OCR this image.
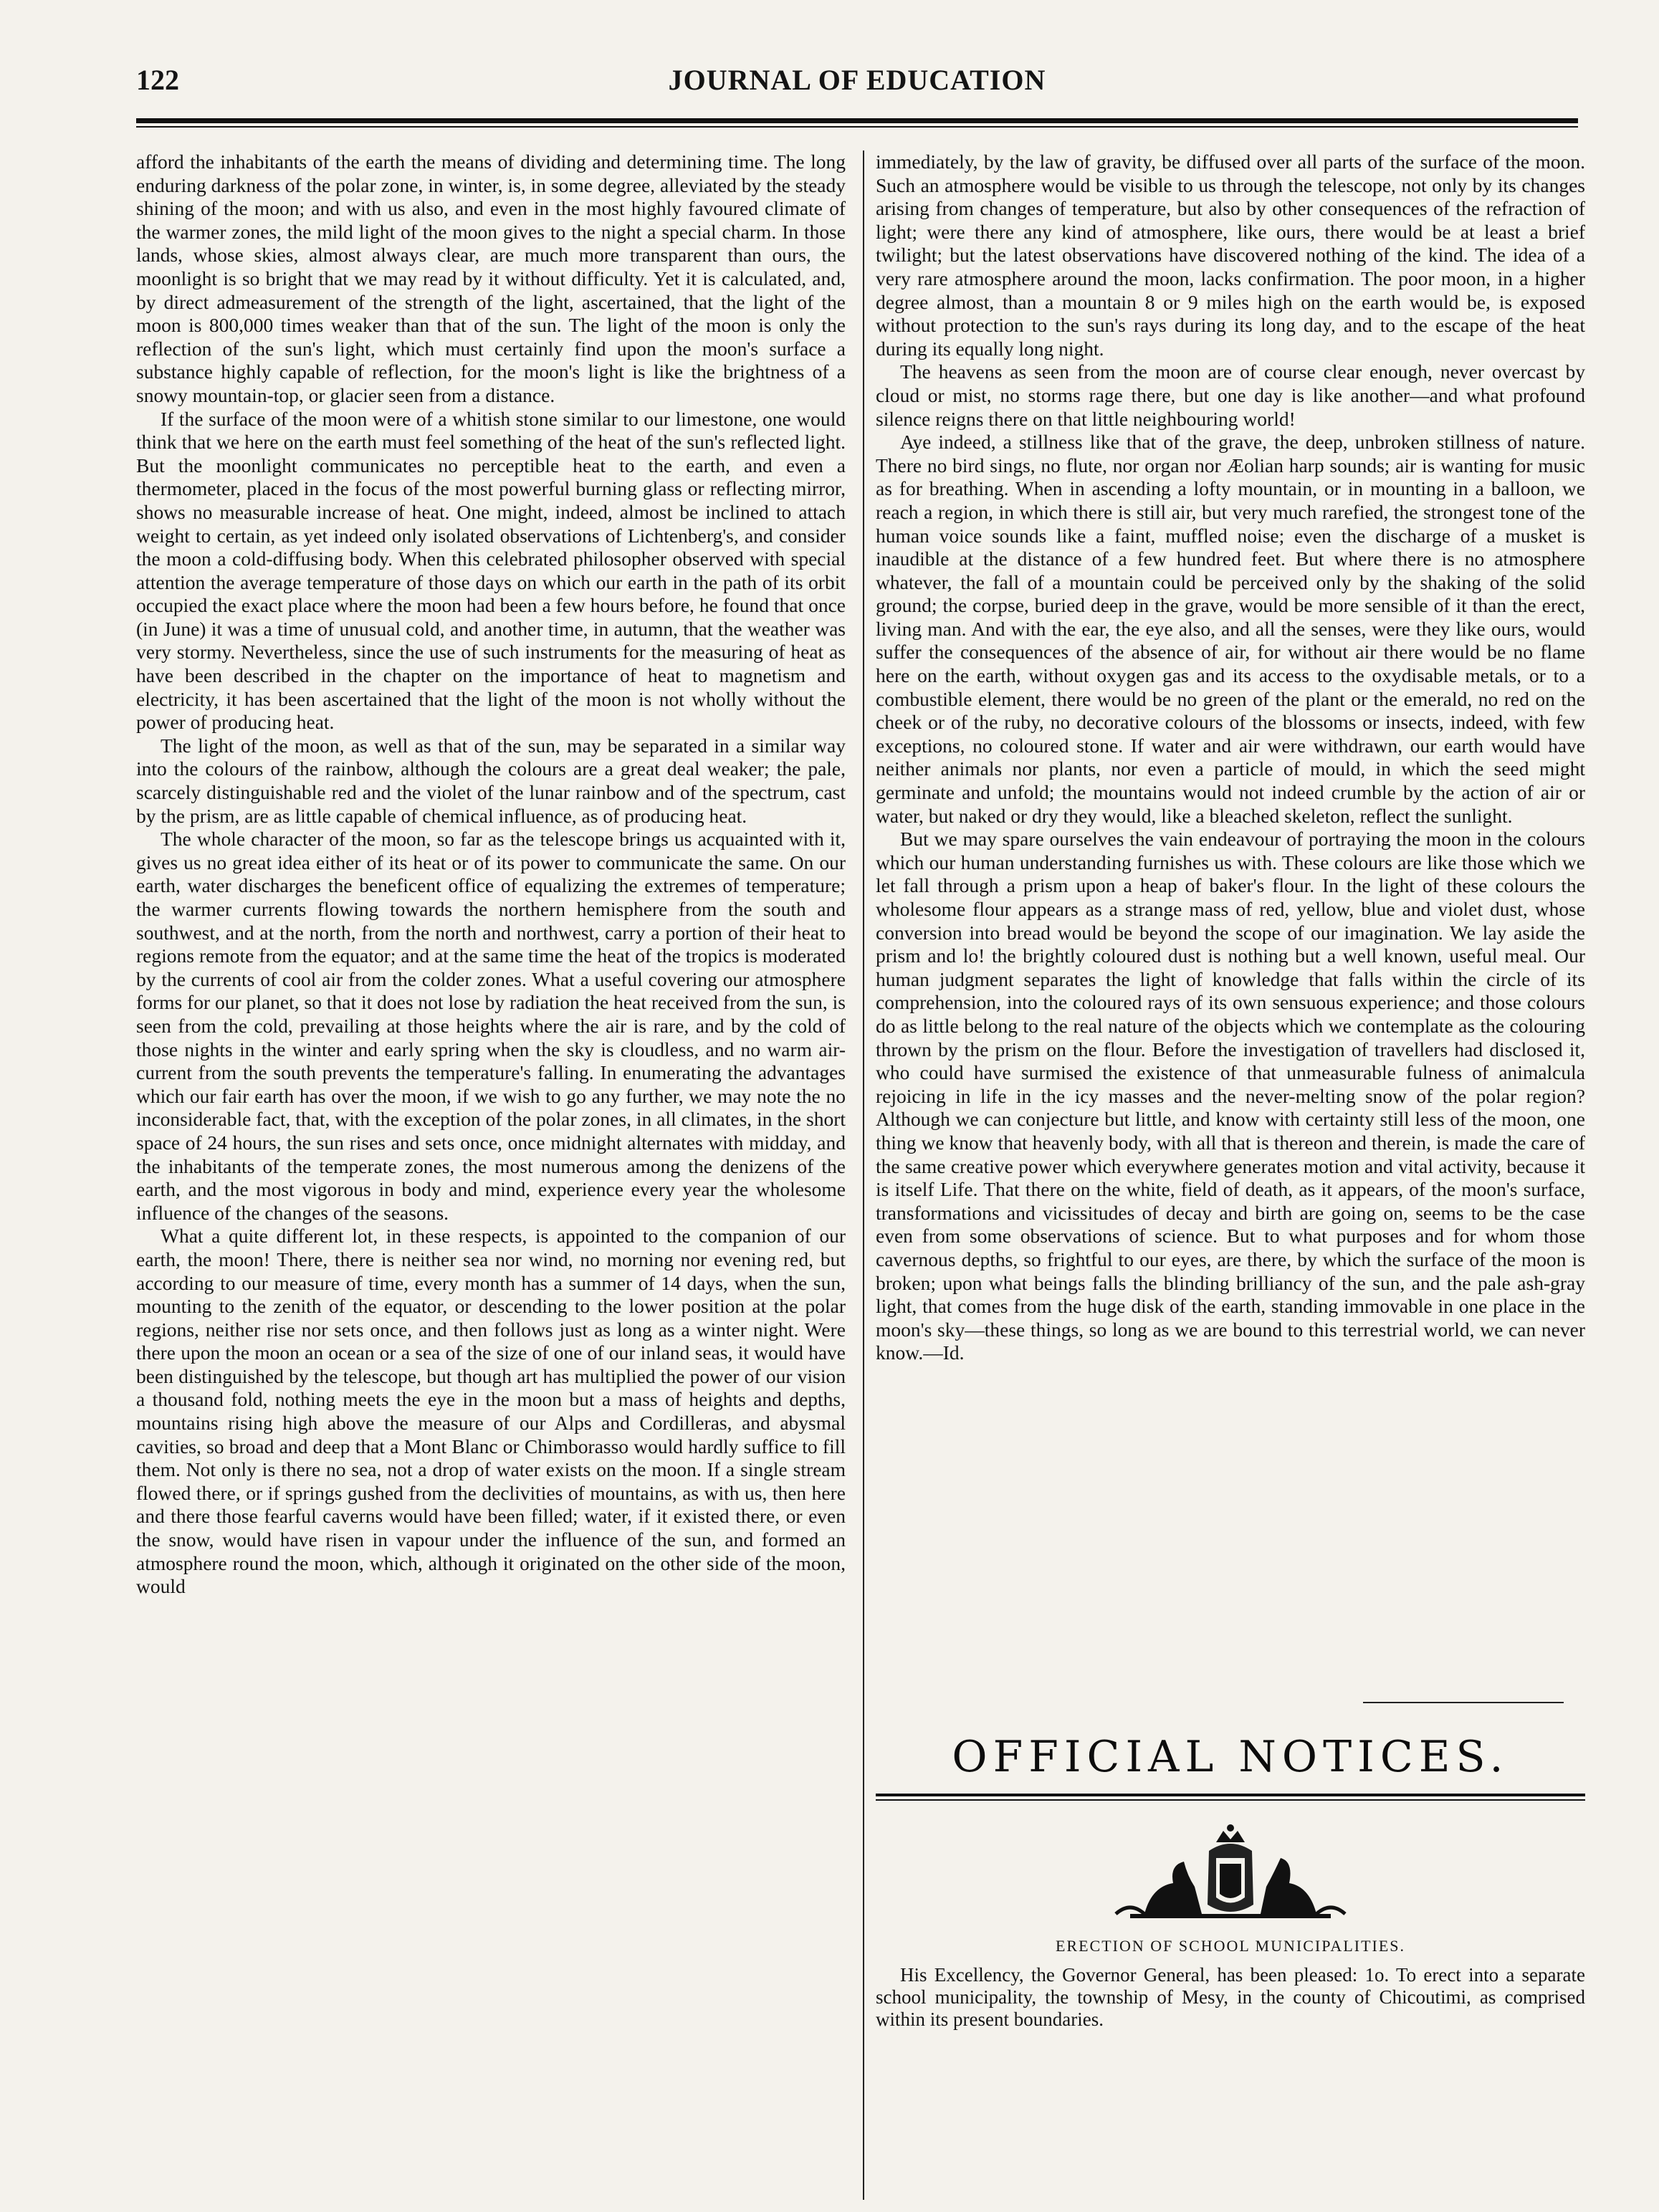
122	JOURNAL OF EDUCATION

afford the inhabitants of the earth the means of dividing and determining time. The long enduring darkness of the polar zone, in winter, is, in some degree, alleviated by the steady shining of the moon; and with us also, and even in the most highly favoured climate of the warmer zones, the mild light of the moon gives to the night a special charm. In those lands, whose skies, almost always clear, are much more transparent than ours, the moonlight is so bright that we may read by it without difficulty. Yet it is calculated, and, by direct admeasurement of the strength of the light, ascertained, that the light of the moon is 800,000 times weaker than that of the sun. The light of the moon is only the reflection of the sun's light, which must certainly find upon the moon's surface a substance highly capable of reflection, for the moon's light is like the brightness of a snowy mountain-top, or glacier seen from a distance.

If the surface of the moon were of a whitish stone similar to our limestone, one would think that we here on the earth must feel something of the heat of the sun's reflected light. But the moonlight communicates no perceptible heat to the earth, and even a thermometer, placed in the focus of the most powerful burning glass or reflecting mirror, shows no measurable increase of heat. One might, indeed, almost be inclined to attach weight to certain, as yet indeed only isolated observations of Lichtenberg's, and consider the moon a cold-diffusing body. When this celebrated philosopher observed with special attention the average temperature of those days on which our earth in the path of its orbit occupied the exact place where the moon had been a few hours before, he found that once (in June) it was a time of unusual cold, and another time, in autumn, that the weather was very stormy. Nevertheless, since the use of such instruments for the measuring of heat as have been described in the chapter on the importance of heat to magnetism and electricity, it has been ascertained that the light of the moon is not wholly without the power of producing heat.

The light of the moon, as well as that of the sun, may be separated in a similar way into the colours of the rainbow, although the colours are a great deal weaker; the pale, scarcely distinguishable red and the violet of the lunar rainbow and of the spectrum, cast by the prism, are as little capable of chemical influence, as of producing heat.

The whole character of the moon, so far as the telescope brings us acquainted with it, gives us no great idea either of its heat or of its power to communicate the same. On our earth, water discharges the beneficent office of equalizing the extremes of temperature; the warmer currents flowing towards the northern hemisphere from the south and southwest, and at the north, from the north and northwest, carry a portion of their heat to regions remote from the equator; and at the same time the heat of the tropics is moderated by the currents of cool air from the colder zones. What a useful covering our atmosphere forms for our planet, so that it does not lose by radiation the heat received from the sun, is seen from the cold, prevailing at those heights where the air is rare, and by the cold of those nights in the winter and early spring when the sky is cloudless, and no warm air-current from the south prevents the temperature's falling. In enumerating the advantages which our fair earth has over the moon, if we wish to go any further, we may note the no inconsiderable fact, that, with the exception of the polar zones, in all climates, in the short space of 24 hours, the sun rises and sets once, once midnight alternates with midday, and the inhabitants of the temperate zones, the most numerous among the denizens of the earth, and the most vigorous in body and mind, experience every year the wholesome influence of the changes of the seasons.

What a quite different lot, in these respects, is appointed to the companion of our earth, the moon! There, there is neither sea nor wind, no morning nor evening red, but according to our measure of time, every month has a summer of 14 days, when the sun, mounting to the zenith of the equator, or descending to the lower position at the polar regions, neither rise nor sets once, and then follows just as long as a winter night. Were there upon the moon an ocean or a sea of the size of one of our inland seas, it would have been distinguished by the telescope, but though art has multiplied the power of our vision a thousand fold, nothing meets the eye in the moon but a mass of heights and depths, mountains rising high above the measure of our Alps and Cordilleras, and abysmal cavities, so broad and deep that a Mont Blanc or Chimborasso would hardly suffice to fill them. Not only is there no sea, not a drop of water exists on the moon. If a single stream flowed there, or if springs gushed from the declivities of mountains, as with us, then here and there those fearful caverns would have been filled; water, if it existed there, or even the snow, would have risen in vapour under the influence of the sun, and formed an atmosphere round the moon, which, although it originated on the other side of the moon, would

immediately, by the law of gravity, be diffused over all parts of the surface of the moon. Such an atmosphere would be visible to us through the telescope, not only by its changes arising from changes of temperature, but also by other consequences of the refraction of light; were there any kind of atmosphere, like ours, there would be at least a brief twilight; but the latest observations have discovered nothing of the kind. The idea of a very rare atmosphere around the moon, lacks confirmation. The poor moon, in a higher degree almost, than a mountain 8 or 9 miles high on the earth would be, is exposed without protection to the sun's rays during its long day, and to the escape of the heat during its equally long night.

The heavens as seen from the moon are of course clear enough, never overcast by cloud or mist, no storms rage there, but one day is like another—and what profound silence reigns there on that little neighbouring world!

Aye indeed, a stillness like that of the grave, the deep, unbroken stillness of nature. There no bird sings, no flute, nor organ nor Æolian harp sounds; air is wanting for music as for breathing. When in ascending a lofty mountain, or in mounting in a balloon, we reach a region, in which there is still air, but very much rarefied, the strongest tone of the human voice sounds like a faint, muffled noise; even the discharge of a musket is inaudible at the distance of a few hundred feet. But where there is no atmosphere whatever, the fall of a mountain could be perceived only by the shaking of the solid ground; the corpse, buried deep in the grave, would be more sensible of it than the erect, living man. And with the ear, the eye also, and all the senses, were they like ours, would suffer the consequences of the absence of air, for without air there would be no flame here on the earth, without oxygen gas and its access to the oxydisable metals, or to a combustible element, there would be no green of the plant or the emerald, no red on the cheek or of the ruby, no decorative colours of the blossoms or insects, indeed, with few exceptions, no coloured stone. If water and air were withdrawn, our earth would have neither animals nor plants, nor even a particle of mould, in which the seed might germinate and unfold; the mountains would not indeed crumble by the action of air or water, but naked or dry they would, like a bleached skeleton, reflect the sunlight.

But we may spare ourselves the vain endeavour of portraying the moon in the colours which our human understanding furnishes us with. These colours are like those which we let fall through a prism upon a heap of baker's flour. In the light of these colours the wholesome flour appears as a strange mass of red, yellow, blue and violet dust, whose conversion into bread would be beyond the scope of our imagination. We lay aside the prism and lo! the brightly coloured dust is nothing but a well known, useful meal. Our human judgment separates the light of knowledge that falls within the circle of its comprehension, into the coloured rays of its own sensuous experience; and those colours do as little belong to the real nature of the objects which we contemplate as the colouring thrown by the prism on the flour. Before the investigation of travellers had disclosed it, who could have surmised the existence of that unmeasurable fulness of animalcula rejoicing in life in the icy masses and the never-melting snow of the polar region? Although we can conjecture but little, and know with certainty still less of the moon, one thing we know that heavenly body, with all that is thereon and therein, is made the care of the same creative power which everywhere generates motion and vital activity, because it is itself Life. That there on the white, field of death, as it appears, of the moon's surface, transformations and vicissitudes of decay and birth are going on, seems to be the case even from some observations of science. But to what purposes and for whom those cavernous depths, so frightful to our eyes, are there, by which the surface of the moon is broken; upon what beings falls the blinding brilliancy of the sun, and the pale ash-gray light, that comes from the huge disk of the earth, standing immovable in one place in the moon's sky—these things, so long as we are bound to this terrestrial world, we can never know.—Id.

OFFICIAL NOTICES.
ERECTION OF SCHOOL MUNICIPALITIES.
His Excellency, the Governor General, has been pleased: 1o. To erect into a separate school municipality, the township of Mesy, in the county of Chicoutimi, as comprised within its present boundaries.
